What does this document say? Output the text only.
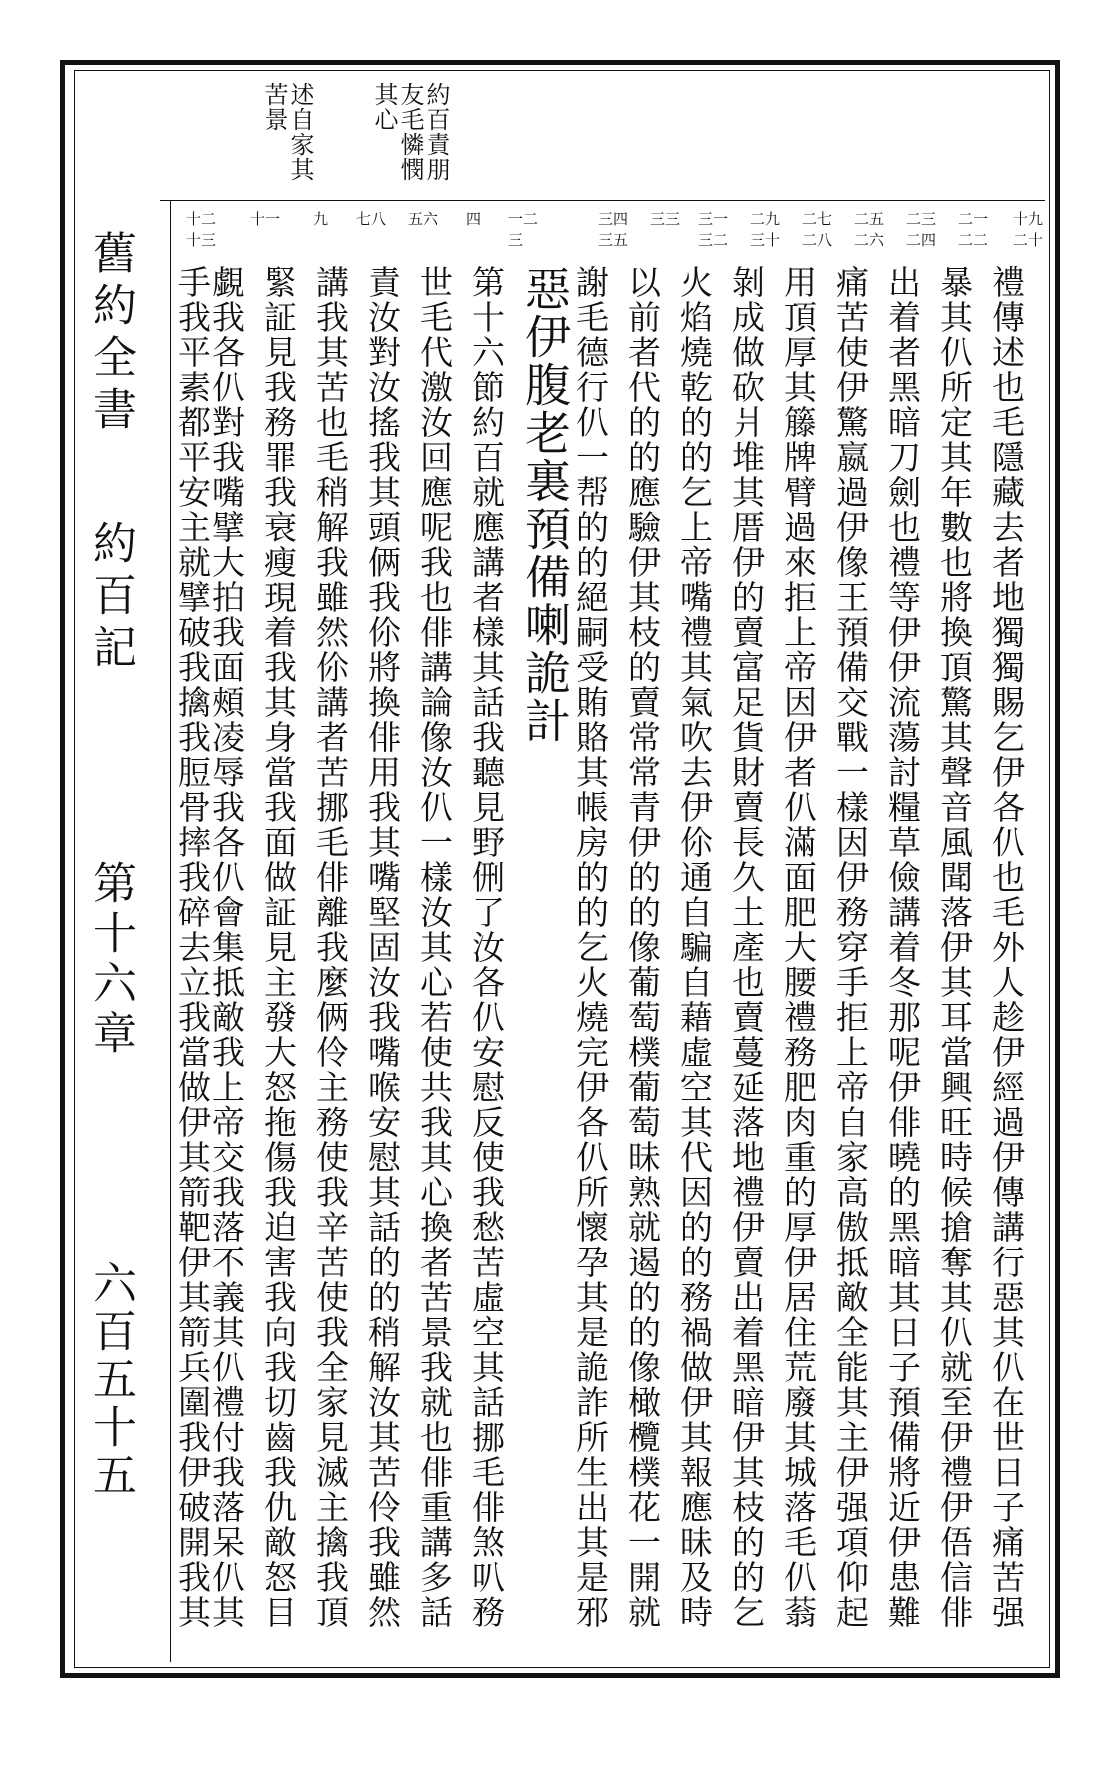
約百責朋
友毛憐憫
其心
述自家其
苦景
十九
二十
二一
二二
二三
二四
二五
二六
二七
二八
二九
三十
三一
三二
三三
三四
三五
一二
三
四
五六
七八
九
十一
十二
十三
禮傳述也毛隱藏去者地獨獨賜乞伊各仈也毛外人趁伊經過伊傳講行惡其仈在世日子痛苦强
暴其仈所定其年數也將換頂驚其聲音風聞落伊其耳當興旺時候搶奪其仈就至伊禮伊俉信俳
出着者黑暗刀劍也禮等伊伊流蕩討糧草儉講着冬那呢伊俳曉的黑暗其日子預備將近伊患難
痛苦使伊驚嬴過伊像王預備交戰一樣因伊務穿手拒上帝自家高傲抵敵全能其主伊强項仰起
用頂厚其籐牌臂過來拒上帝因伊者仈滿面肥大腰禮務肥肉重的厚伊居住荒廢其城落毛仈蓊
剝成做砍爿堆其厝伊的賣富足貨財賣長久土產也賣蔓延落地禮伊賣出着黑暗伊其枝的的乞
火焰燒乾的的乞上帝嘴禮其氣吹去伊伱通自騙自藉虛空其代因的的務禍做伊其報應昧及時
以前者代的的應驗伊其枝的賣常常青伊的的像葡萄樸葡萄昧熟就遏的的像橄欖樸花一開就
謝毛德行仈一帮的的絕嗣受賄賂其帳房的的乞火燒完伊各仈所懷孕其是詭詐所生出其是邪
惡伊腹老裏預備喇詭計
第十六節約百就應講者樣其話我聽見野侀了汝各仈安慰反使我愁苦虛空其話挪毛俳煞叭務
世毛代激汝回應呢我也俳講論像汝仈一樣汝其心若使共我其心換者苦景我就也俳重講多話
責汝對汝搖我其頭俩我伱將換俳用我其嘴堅固汝我嘴喉安慰其話的的稍解汝其苦伶我雖然
講我其苦也毛稍解我雖然伱講者苦挪毛俳離我麼俩伶主務使我辛苦使我全家見滅主擒我頂
緊証見我務罪我衰瘦現着我其身當我面做証見主發大怒拖傷我迫害我向我切齒我仇敵怒目
覷我各仈對我嘴擘大拍我面頰凌辱我各仈會集抵敵我上帝交我落不義其仈禮付我落呆仈其
手我平素都平安主就擘破我擒我脰骨摔我碎去立我當做伊其箭靶伊其箭兵圍我伊破開我其
舊約全書
約百記
第十六章
六百五十五
